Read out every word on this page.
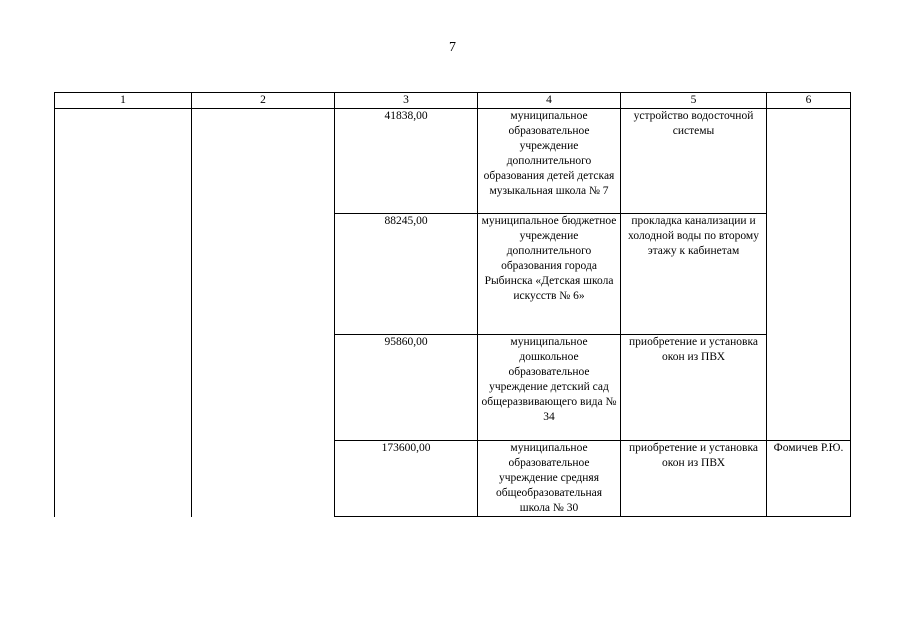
7
1	2	3	4	5	6
		41838,00	муниципальное образовательное учреждение дополнительного образования детей детская музыкальная школа № 7	устройство водосточной системы	
		88245,00	муниципальное бюджетное учреждение дополнительного образования города Рыбинска «Детская школа искусств № 6»	прокладка канализации и холодной воды по второму этажу к кабинетам	
		95860,00	муниципальное дошкольное образовательное учреждение детский сад общеразвивающего вида № 34	приобретение и установка окон из ПВХ	
		173600,00	муниципальное образовательное учреждение средняя общеобразовательная школа № 30	приобретение и установка окон из ПВХ	Фомичев Р.Ю.
